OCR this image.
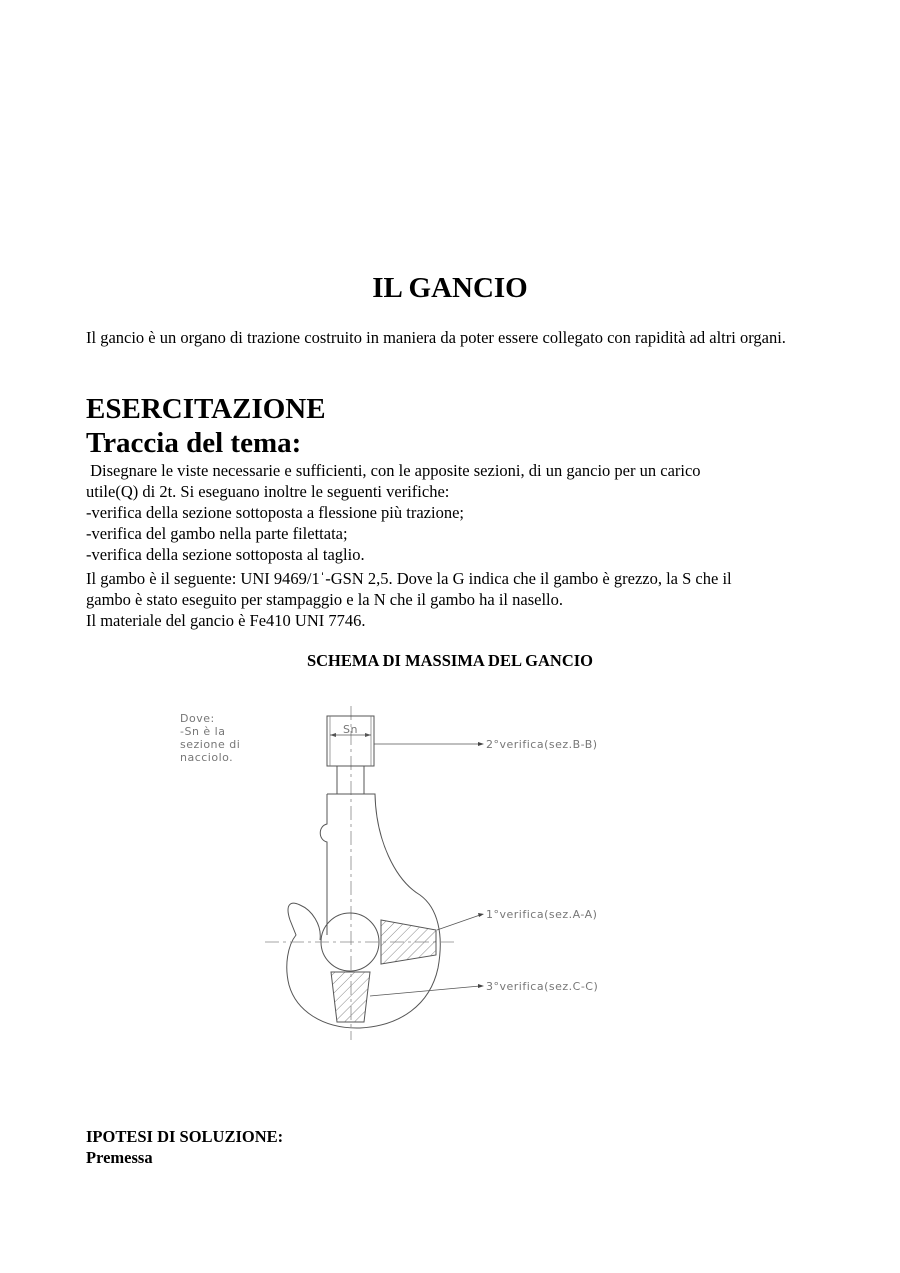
IL GANCIO
Il gancio è un organo di trazione costruito in maniera da poter essere collegato con rapidità ad altri organi.
ESERCITAZIONE
Traccia del tema:
Disegnare le viste necessarie e sufficienti, con le apposite sezioni, di un gancio per un carico
utile(Q) di 2t. Si eseguano inoltre le seguenti verifiche:
-verifica della sezione sottoposta a flessione più trazione;
-verifica del gambo nella parte filettata;
-verifica della sezione sottoposta al taglio.
Il gambo è il seguente: UNI 9469/1ˈ-GSN 2,5. Dove la G indica che il gambo è grezzo, la S che il
gambo è stato eseguito per stampaggio e la N che il gambo ha il nasello.
Il materiale del gancio è Fe410 UNI 7746.
SCHEMA DI MASSIMA DEL GANCIO
Dove:
-Sn è la
sezione di
nacciolo.
Sn
2°verifica(sez.B-B)
1°verifica(sez.A-A)
3°verifica(sez.C-C)
IPOTESI DI SOLUZIONE:
Premessa
